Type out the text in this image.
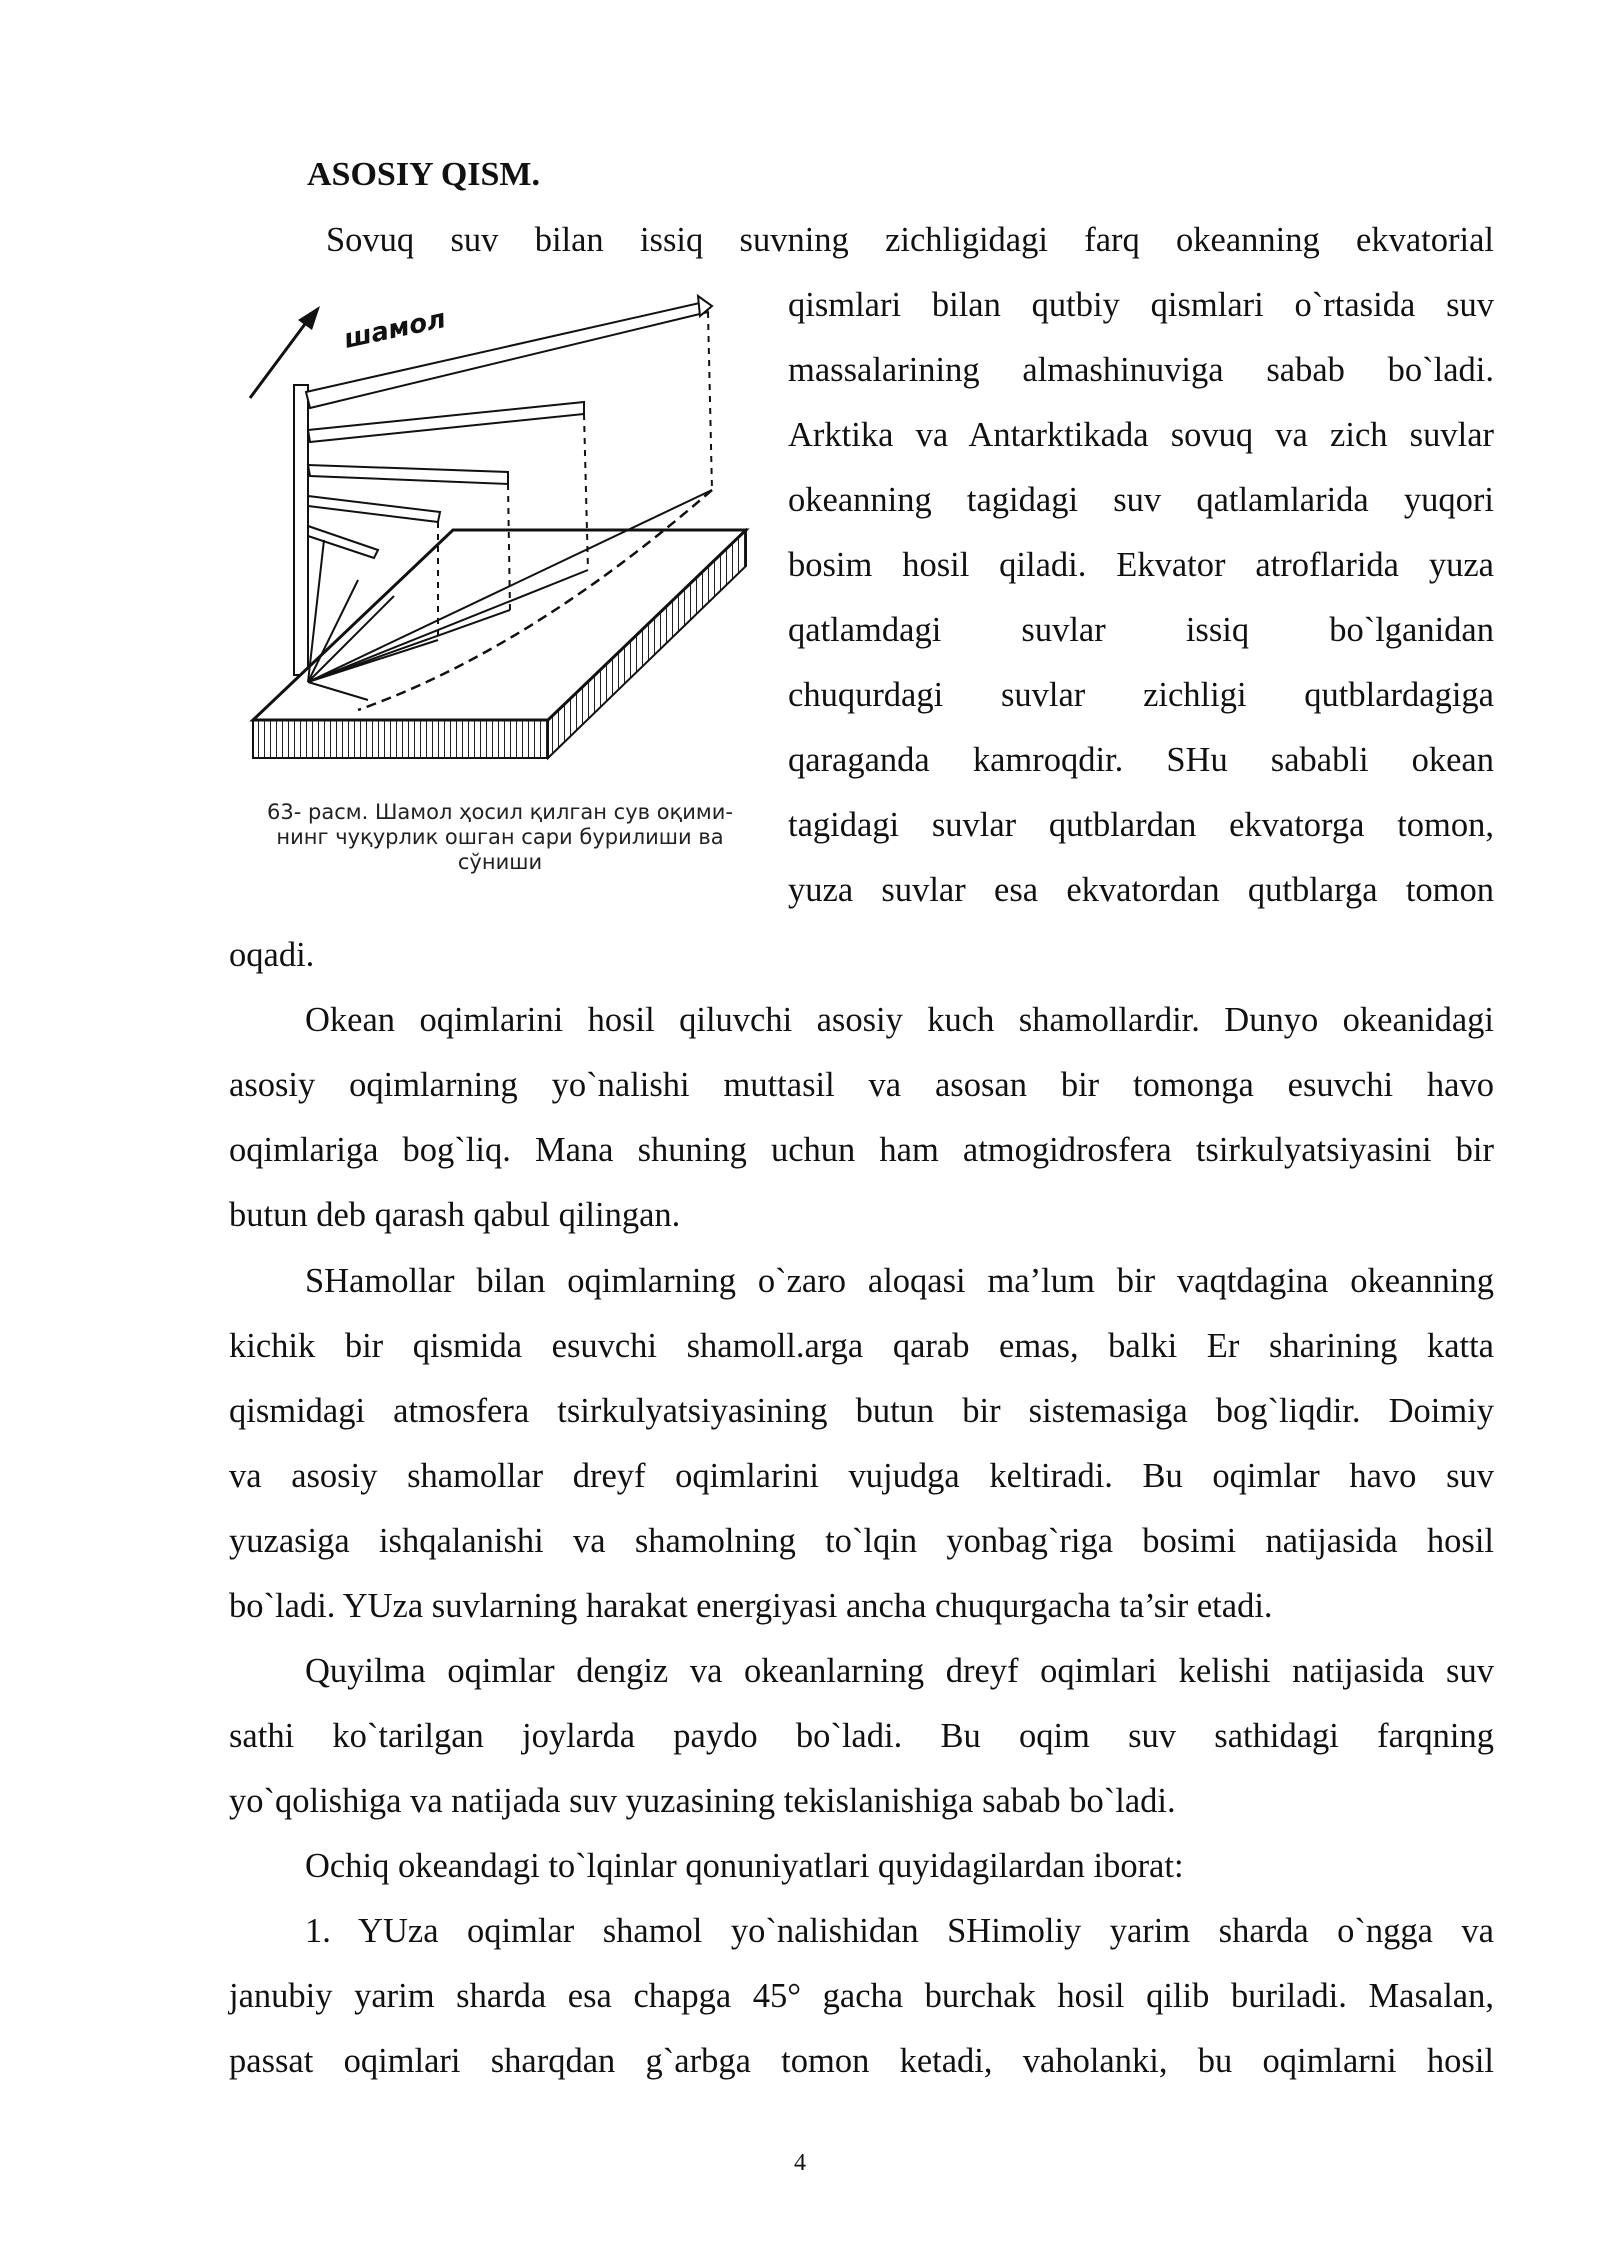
ASOSIY QISM.
Sovuq suv bilan issiq suvning zichligidagi farq okeanning ekvatorial
qismlari bilan qutbiy qismlari o`rtasida suv
massalarining almashinuviga sabab bo`ladi.
Arktika va Antarktikada sovuq va zich suvlar
okeanning tagidagi suv qatlamlarida yuqori
bosim hosil qiladi. Ekvator atroflarida yuza
qatlamdagi suvlar issiq bo`lganidan
chuqurdagi suvlar zichligi qutblardagiga
qaraganda kamroqdir. SHu sababli okean
tagidagi suvlar qutblardan ekvatorga tomon,
yuza suvlar esa ekvatordan qutblarga tomon
oqadi.
шамол
63- расм. Шамол ҳосил қилган сув оқими-
нинг чуқурлик ошган сари бурилиши ва
сўниши
Okean oqimlarini hosil qiluvchi asosiy kuch shamollardir. Dunyo okeanidagi
asosiy oqimlarning yo`nalishi muttasil va asosan bir tomonga esuvchi havo
oqimlariga bog`liq. Mana shuning uchun ham atmogidrosfera tsirkulyatsiyasini bir
butun deb qarash qabul qilingan.
SHamollar bilan oqimlarning o`zaro aloqasi ma’lum bir vaqtdagina okeanning
kichik bir qismida esuvchi shamoll.arga qarab emas, balki Er sharining katta
qismidagi atmosfera tsirkulyatsiyasining butun bir sistemasiga bog`liqdir. Doimiy
va asosiy shamollar dreyf oqimlarini vujudga keltiradi. Bu oqimlar havo suv
yuzasiga ishqalanishi va shamolning to`lqin yonbag`riga bosimi natijasida hosil
bo`ladi. YUza suvlarning harakat energiyasi ancha chuqurgacha ta’sir etadi.
Quyilma oqimlar dengiz va okeanlarning dreyf oqimlari kelishi natijasida suv
sathi ko`tarilgan joylarda paydo bo`ladi. Bu oqim suv sathidagi farqning
yo`qolishiga va natijada suv yuzasining tekislanishiga sabab bo`ladi.
Ochiq okeandagi to`lqinlar qonuniyatlari quyidagilardan iborat:
1. YUza oqimlar shamol yo`nalishidan SHimoliy yarim sharda o`ngga va
janubiy yarim sharda esa chapga 45° gacha burchak hosil qilib buriladi. Masalan,
passat oqimlari sharqdan g`arbga tomon ketadi, vaholanki, bu oqimlarni hosil
4
